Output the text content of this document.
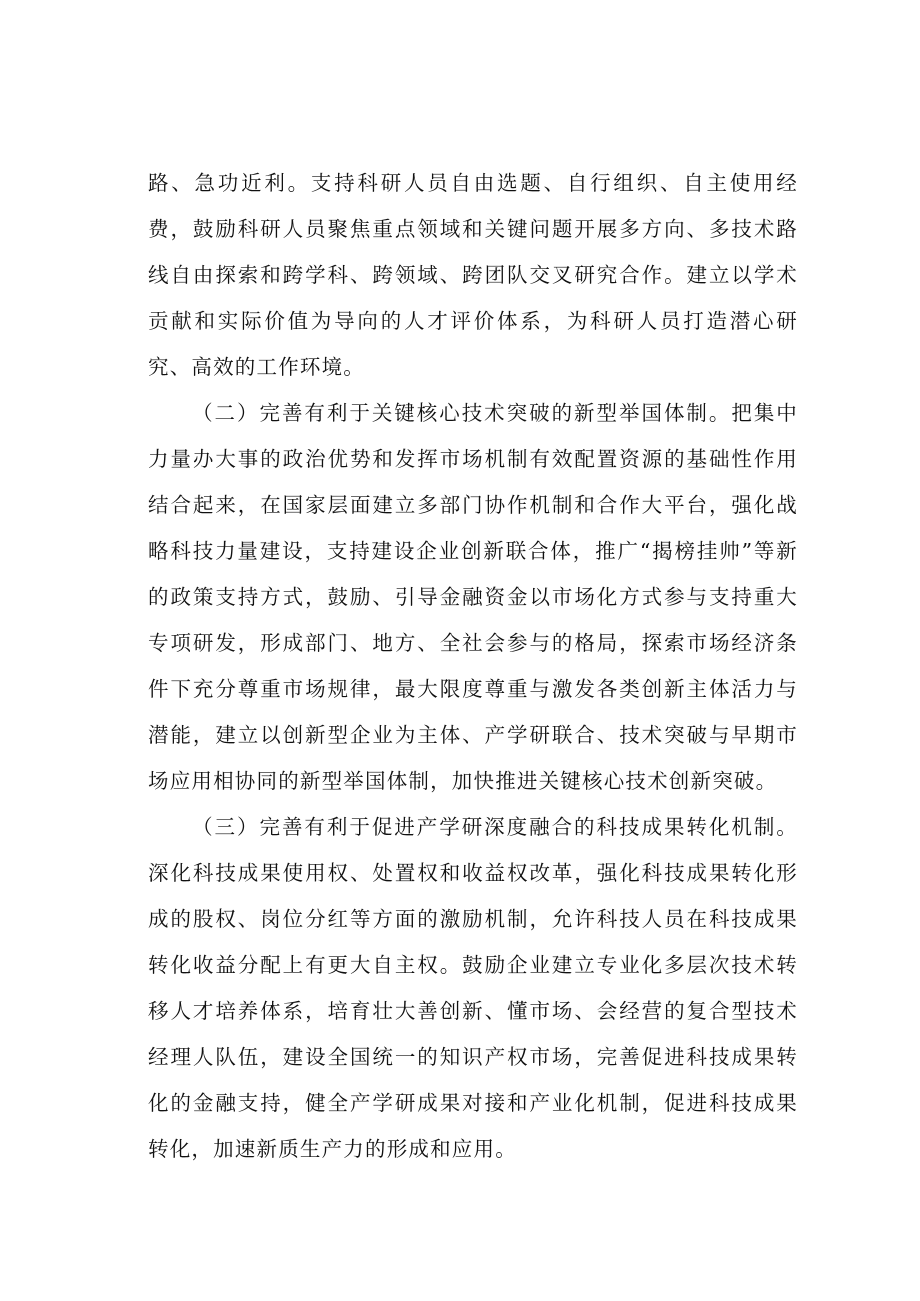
路、急功近利。支持科研人员自由选题、自行组织、自主使用经费，鼓励科研人员聚焦重点领域和关键问题开展多方向、多技术路线自由探索和跨学科、跨领域、跨团队交叉研究合作。建立以学术贡献和实际价值为导向的人才评价体系，为科研人员打造潜心研究、高效的工作环境。

（二）完善有利于关键核心技术突破的新型举国体制。把集中力量办大事的政治优势和发挥市场机制有效配置资源的基础性作用结合起来，在国家层面建立多部门协作机制和合作大平台，强化战略科技力量建设，支持建设企业创新联合体，推广“揭榜挂帅”等新的政策支持方式，鼓励、引导金融资金以市场化方式参与支持重大专项研发，形成部门、地方、全社会参与的格局，探索市场经济条件下充分尊重市场规律，最大限度尊重与激发各类创新主体活力与潜能，建立以创新型企业为主体、产学研联合、技术突破与早期市场应用相协同的新型举国体制，加快推进关键核心技术创新突破。

（三）完善有利于促进产学研深度融合的科技成果转化机制。深化科技成果使用权、处置权和收益权改革，强化科技成果转化形成的股权、岗位分红等方面的激励机制，允许科技人员在科技成果转化收益分配上有更大自主权。鼓励企业建立专业化多层次技术转移人才培养体系，培育壮大善创新、懂市场、会经营的复合型技术经理人队伍，建设全国统一的知识产权市场，完善促进科技成果转化的金融支持，健全产学研成果对接和产业化机制，促进科技成果转化，加速新质生产力的形成和应用。
